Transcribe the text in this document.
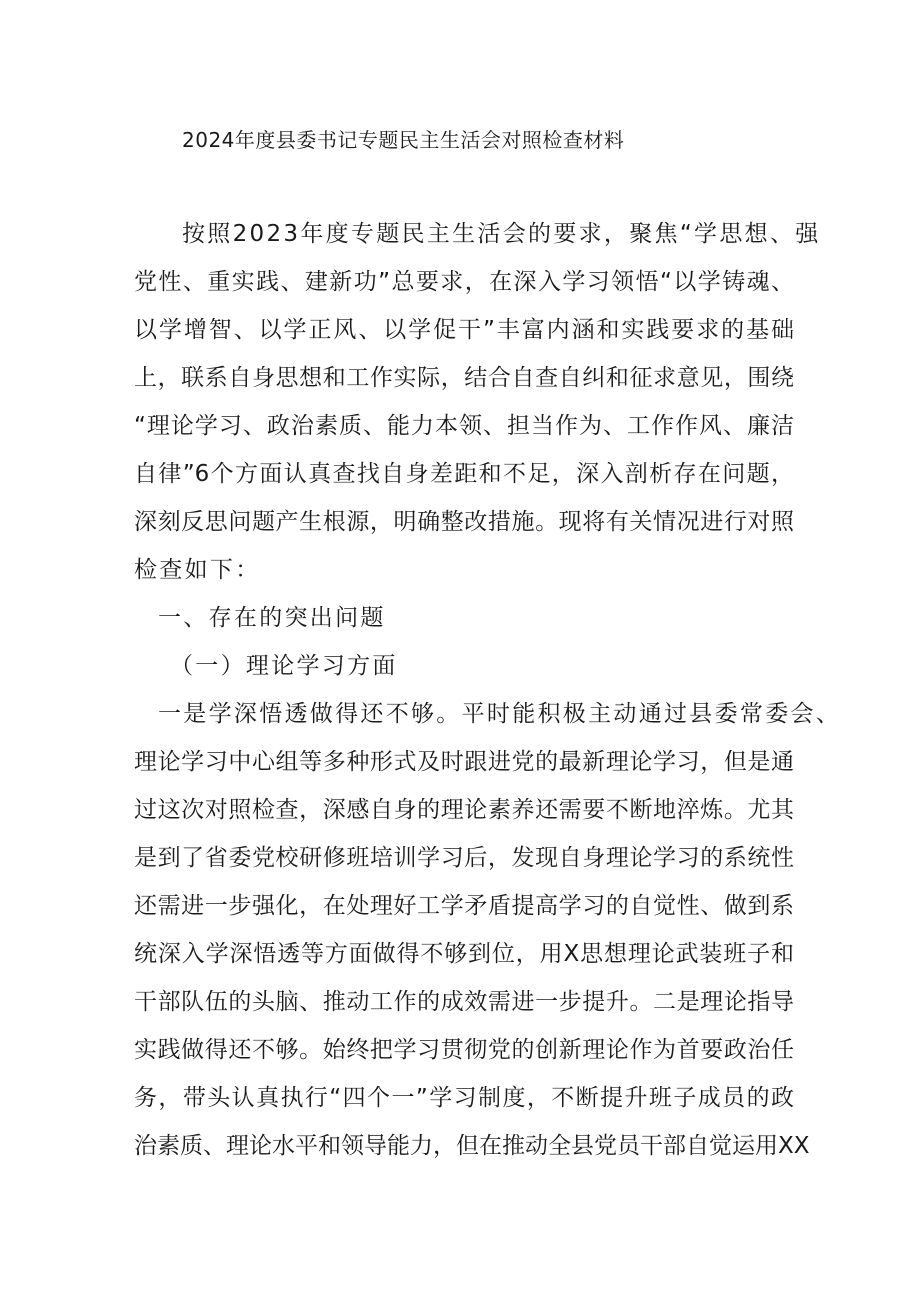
2024年度县委书记专题民主生活会对照检查材料

按照2023年度专题民主生活会的要求，聚焦“学思想、强

党性、重实践、建新功”总要求，在深入学习领悟“以学铸魂、

以学增智、以学正风、以学促干”丰富内涵和实践要求的基础

上，联系自身思想和工作实际，结合自查自纠和征求意见，围绕

“理论学习、政治素质、能力本领、担当作为、工作作风、廉洁

自律”6个方面认真查找自身差距和不足，深入剖析存在问题，

深刻反思问题产生根源，明确整改措施。现将有关情况进行对照

检查如下：

一、存在的突出问题

（一）理论学习方面

一是学深悟透做得还不够。平时能积极主动通过县委常委会、

理论学习中心组等多种形式及时跟进党的最新理论学习，但是通

过这次对照检查，深感自身的理论素养还需要不断地淬炼。尤其

是到了省委党校研修班培训学习后，发现自身理论学习的系统性

还需进一步强化，在处理好工学矛盾提高学习的自觉性、做到系

统深入学深悟透等方面做得不够到位，用X思想理论武装班子和

干部队伍的头脑、推动工作的成效需进一步提升。二是理论指导

实践做得还不够。始终把学习贯彻党的创新理论作为首要政治任

务，带头认真执行“四个一”学习制度，不断提升班子成员的政

治素质、理论水平和领导能力，但在推动全县党员干部自觉运用XX
